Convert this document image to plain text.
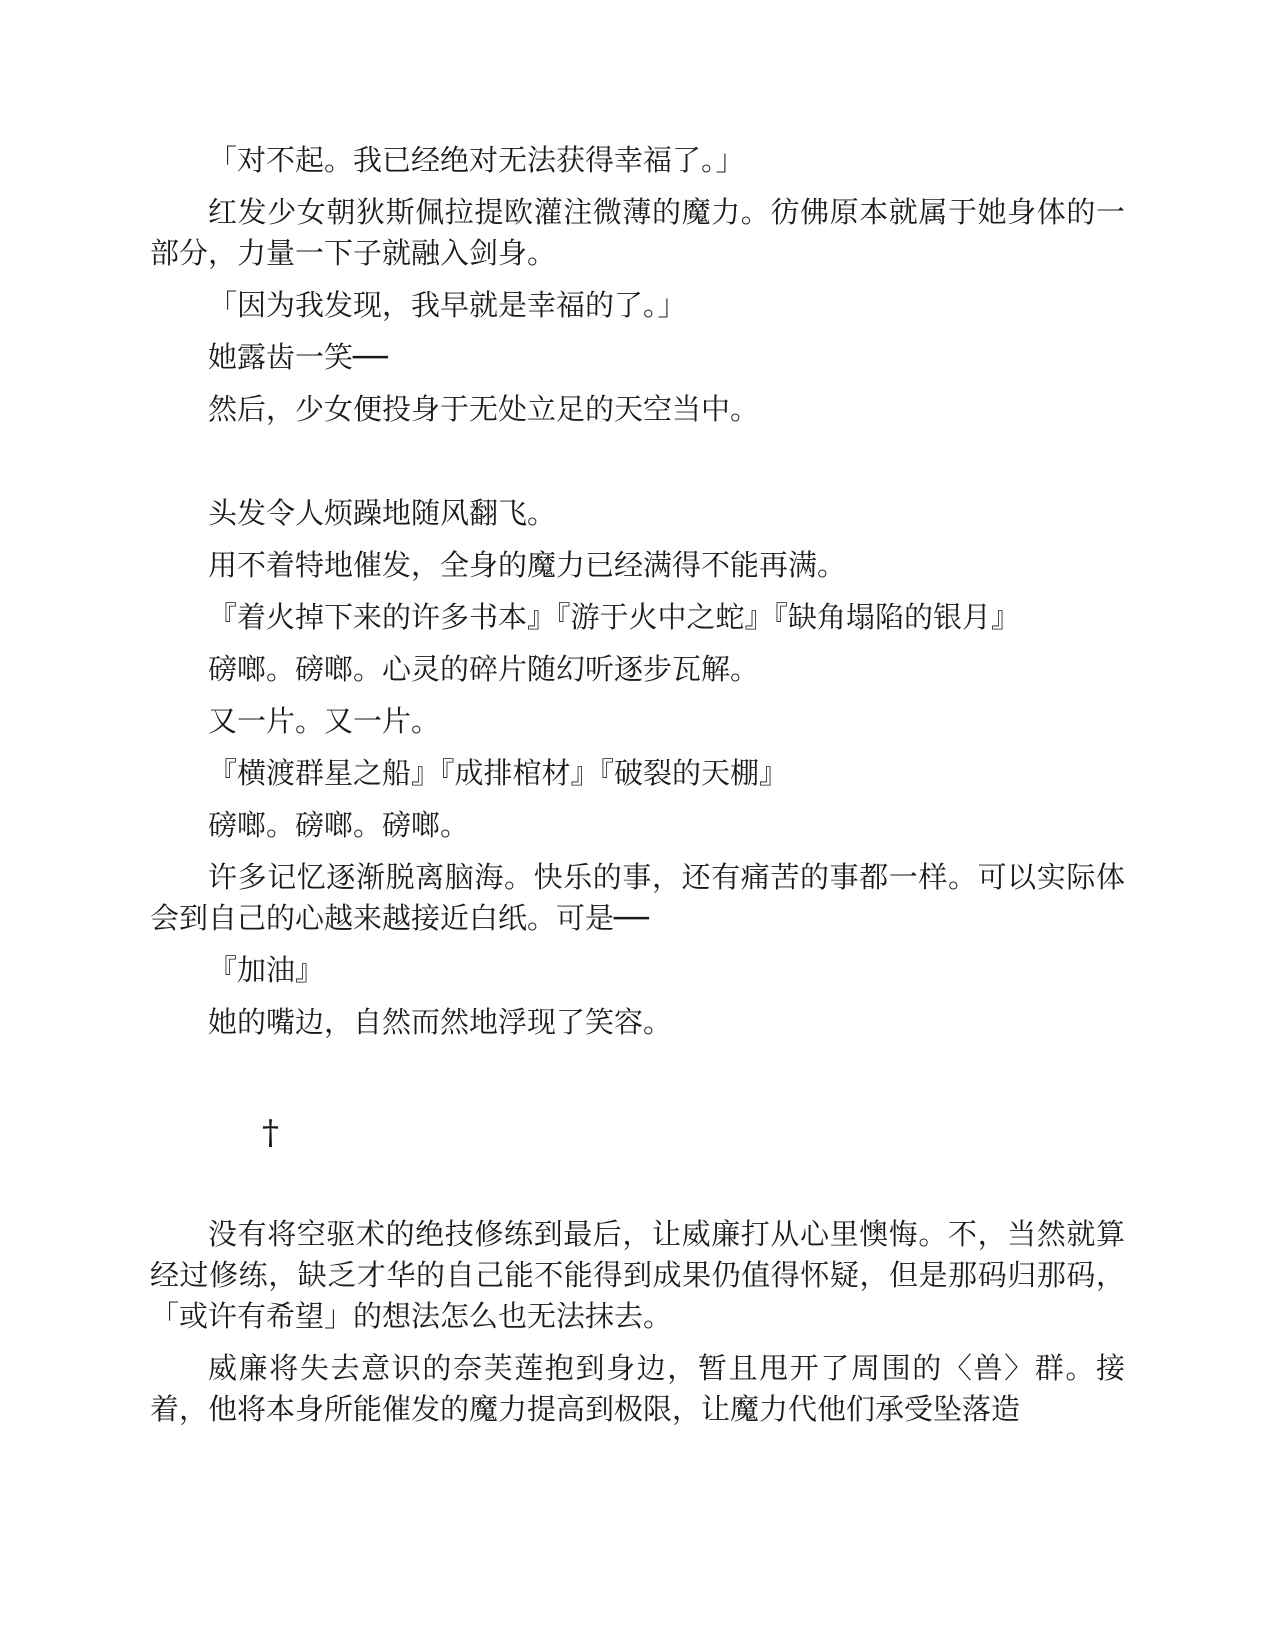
「对不起。我已经绝对无法获得幸福了。」

红发少女朝狄斯佩拉提欧灌注微薄的魔力。彷佛原本就属于她身体的一部分，力量一下子就融入剑身。

「因为我发现，我早就是幸福的了。」

她露齿一笑──

然后，少女便投身于无处立足的天空当中。

头发令人烦躁地随风翻飞。

用不着特地催发，全身的魔力已经满得不能再满。

『着火掉下来的许多书本』『游于火中之蛇』『缺角塌陷的银月』

磅啷。磅啷。心灵的碎片随幻听逐步瓦解。

又一片。又一片。

『横渡群星之船』『成排棺材』『破裂的天棚』

磅啷。磅啷。磅啷。

许多记忆逐渐脱离脑海。快乐的事，还有痛苦的事都一样。可以实际体会到自己的心越来越接近白纸。可是──

『加油』

她的嘴边，自然而然地浮现了笑容。

†

没有将空驱术的绝技修练到最后，让威廉打从心里懊悔。不，当然就算经过修练，缺乏才华的自己能不能得到成果仍值得怀疑，但是那码归那码，「或许有希望」的想法怎么也无法抹去。

威廉将失去意识的奈芙莲抱到身边，暂且甩开了周围的〈兽〉群。接着，他将本身所能催发的魔力提高到极限，让魔力代他们承受坠落造
